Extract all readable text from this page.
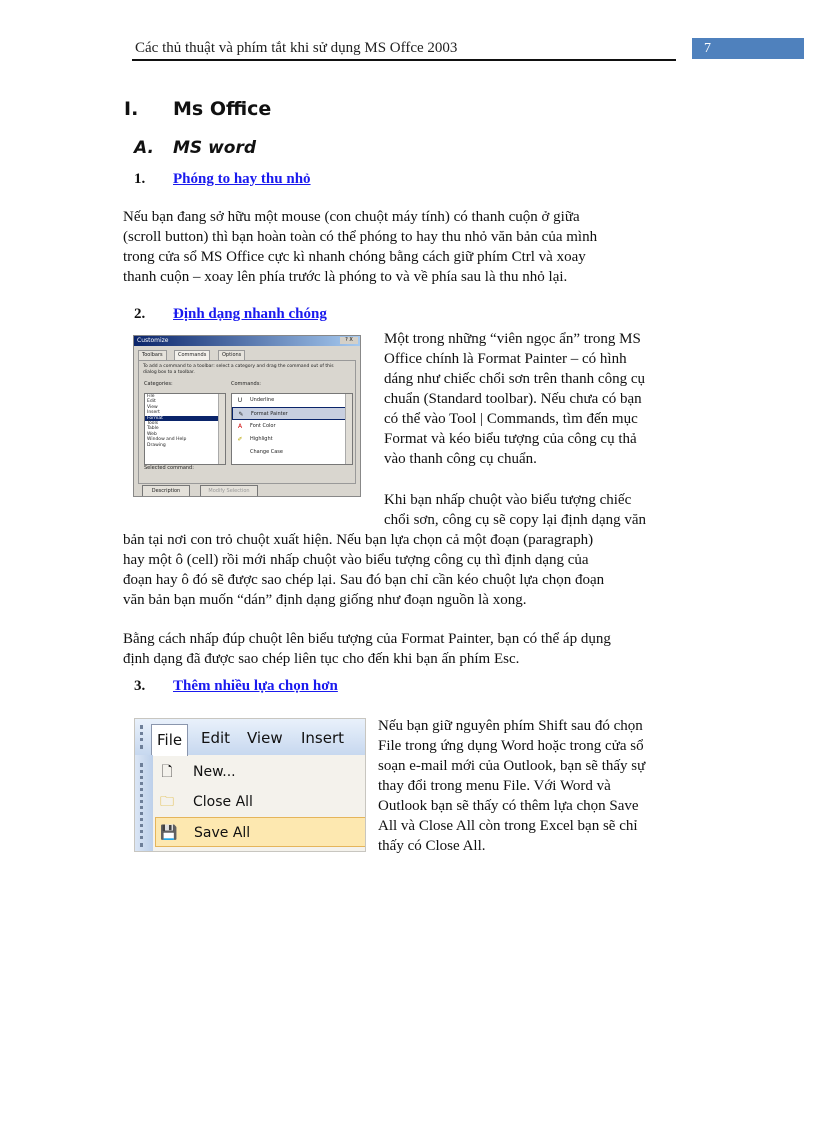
Các thủ thuật và phím tắt khi sử dụng MS Offce 2003	7
I. Ms Office
A. MS word
1. Phóng to hay thu nhỏ
Nếu bạn đang sở hữu một mouse (con chuột máy tính) có thanh cuộn ở giữa
(scroll button) thì bạn hoàn toàn có thể phóng to hay thu nhỏ văn bản của mình
trong cửa sổ MS Office cực kì nhanh chóng bằng cách giữ phím Ctrl và xoay
thanh cuộn – xoay lên phía trước là phóng to và về phía sau là thu nhỏ lại.
2. Định dạng nhanh chóng
Customize	? X
Toolbars	Commands	Options
To add a command to a toolbar: select a category and drag the command out of this dialog box to a toolbar.
Categories:	Commands:
File
Edit
View
Insert
Format
Tools
Table
Web
Window and Help
Drawing
U	Underline
✎ Format Painter
A	Font Color
✐ Highlight
Change Case
Selected command:
Description	Modify Selection
Một trong những “viên ngọc ẩn” trong MS
Office chính là Format Painter – có hình
dáng như chiếc chổi sơn trên thanh công cụ
chuẩn (Standard toolbar). Nếu chưa có bạn
có thể vào Tool | Commands, tìm đến mục
Format và kéo biểu tượng của công cụ thả
vào thanh công cụ chuẩn.
Khi bạn nhấp chuột vào biểu tượng chiếc
chổi sơn, công cụ sẽ copy lại định dạng văn
bản tại nơi con trỏ chuột xuất hiện. Nếu bạn lựa chọn cả một đoạn (paragraph)
hay một ô (cell) rồi mới nhấp chuột vào biểu tượng công cụ thì định dạng của
đoạn hay ô đó sẽ được sao chép lại. Sau đó bạn chỉ cần kéo chuột lựa chọn đoạn
văn bản bạn muốn “dán” định dạng giống như đoạn nguồn là xong.
Bằng cách nhấp đúp chuột lên biểu tượng của Format Painter, bạn có thể áp dụng
định dạng đã được sao chép liên tục cho đến khi bạn ấn phím Esc.
3. Thêm nhiều lựa chọn hơn
File	Edit View Insert
🗋 New...
🗀 Close All
💾 Save All
Nếu bạn giữ nguyên phím Shift sau đó chọn
File trong ứng dụng Word hoặc trong cửa sổ
soạn e-mail mới của Outlook, bạn sẽ thấy sự
thay đổi trong menu File. Với Word và
Outlook bạn sẽ thấy có thêm lựa chọn Save
All và Close All còn trong Excel bạn sẽ chỉ
thấy có Close All.
